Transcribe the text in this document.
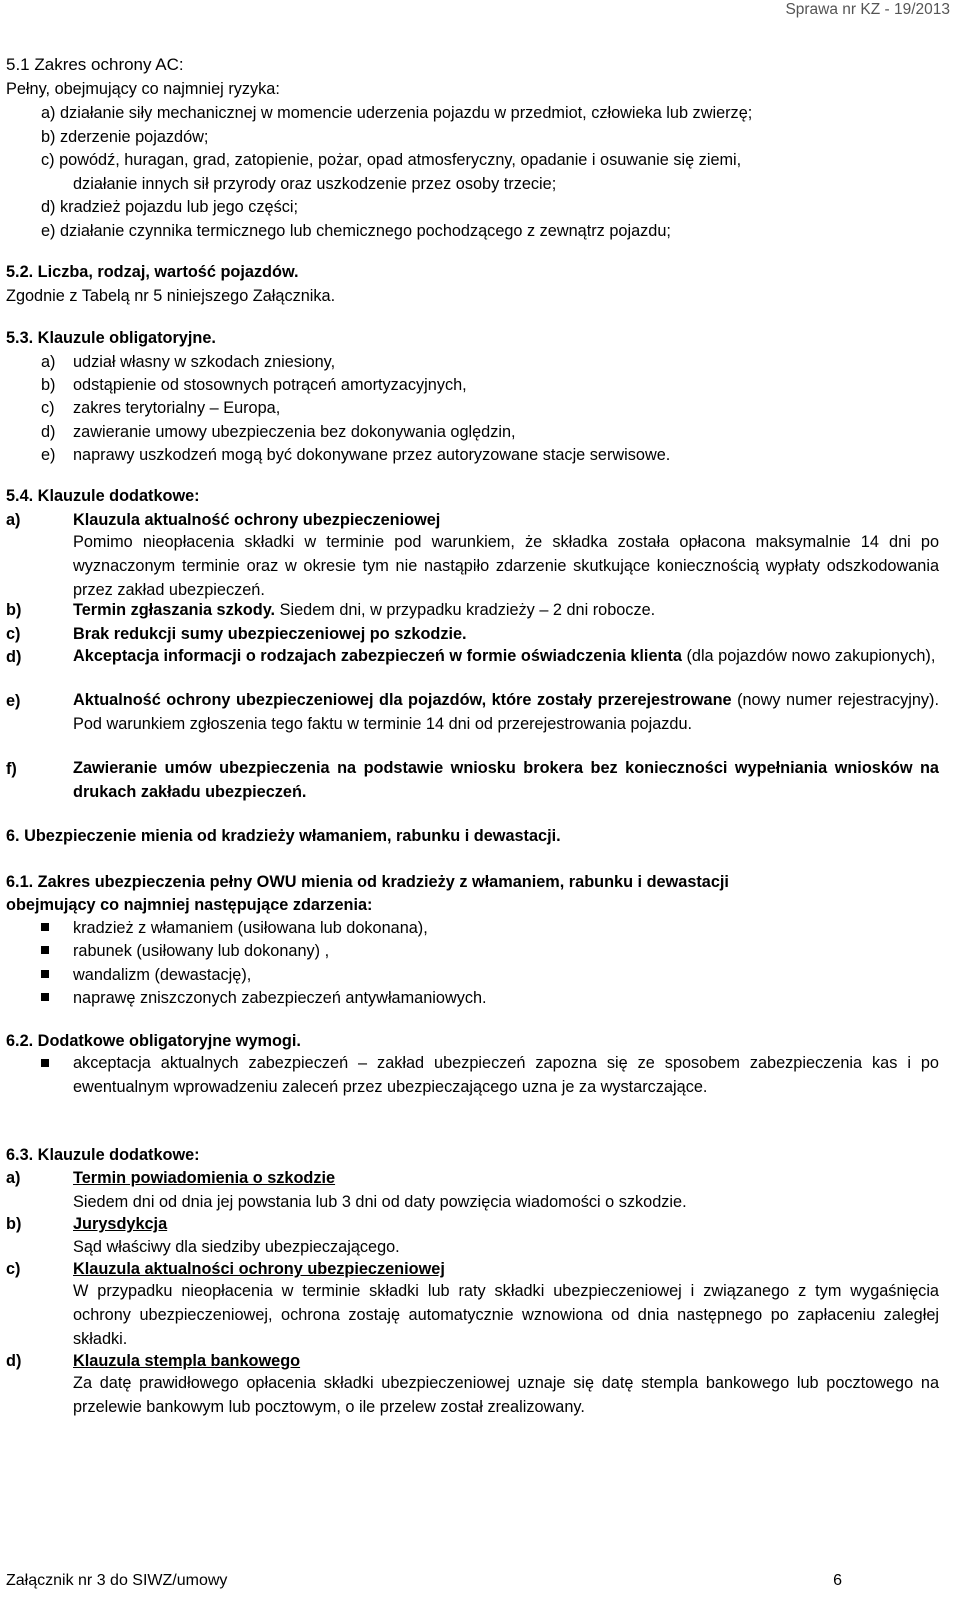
Sprawa nr KZ - 19/2013
5.1 Zakres ochrony AC:
Pełny, obejmujący co najmniej ryzyka:
a) działanie siły mechanicznej w momencie uderzenia pojazdu w przedmiot, człowieka lub zwierzę;
b) zderzenie pojazdów;
c) powódź, huragan, grad, zatopienie, pożar, opad atmosferyczny, opadanie i osuwanie się ziemi,
działanie innych sił przyrody oraz uszkodzenie przez osoby trzecie;
d) kradzież pojazdu lub jego części;
e) działanie czynnika termicznego lub chemicznego pochodzącego z zewnątrz pojazdu;
5.2. Liczba, rodzaj, wartość pojazdów.
Zgodnie z Tabelą nr 5 niniejszego Załącznika.
5.3. Klauzule obligatoryjne.
a) udział własny w szkodach zniesiony,
b) odstąpienie od stosownych potrąceń amortyzacyjnych,
c) zakres terytorialny – Europa,
d) zawieranie umowy ubezpieczenia bez dokonywania oględzin,
e) naprawy uszkodzeń mogą być dokonywane przez autoryzowane stacje serwisowe.
5.4. Klauzule dodatkowe:
a)	Klauzula aktualność ochrony ubezpieczeniowej
Pomimo nieopłacenia składki w terminie pod warunkiem, że składka została opłacona maksymalnie 14 dni po wyznaczonym terminie oraz w okresie tym nie nastąpiło zdarzenie skutkujące koniecznością wypłaty odszkodowania przez zakład ubezpieczeń.
b)	Termin zgłaszania szkody. Siedem dni, w przypadku kradzieży – 2 dni robocze.
c)	Brak redukcji sumy ubezpieczeniowej po szkodzie.
d)	Akceptacja informacji o rodzajach zabezpieczeń w formie oświadczenia klienta (dla pojazdów nowo zakupionych),
e)	Aktualność ochrony ubezpieczeniowej dla pojazdów, które zostały przerejestrowane (nowy numer rejestracyjny). Pod warunkiem zgłoszenia tego faktu w terminie 14 dni od przerejestrowania pojazdu.
f)	Zawieranie umów ubezpieczenia na podstawie wniosku brokera bez konieczności wypełniania wniosków na drukach zakładu ubezpieczeń.
6. Ubezpieczenie mienia od kradzieży włamaniem, rabunku i dewastacji.
6.1. Zakres ubezpieczenia pełny OWU mienia od kradzieży z włamaniem, rabunku i dewastacji
obejmujący co najmniej następujące zdarzenia:
kradzież z włamaniem (usiłowana lub dokonana),
rabunek (usiłowany lub dokonany) ,
wandalizm (dewastację),
naprawę zniszczonych zabezpieczeń antywłamaniowych.
6.2. Dodatkowe obligatoryjne wymogi.
akceptacja aktualnych zabezpieczeń – zakład ubezpieczeń zapozna się ze sposobem zabezpieczenia kas i po ewentualnym wprowadzeniu zaleceń przez ubezpieczającego uzna je za wystarczające.
6.3. Klauzule dodatkowe:
a)	Termin powiadomienia o szkodzie
Siedem dni od dnia jej powstania lub 3 dni od daty powzięcia wiadomości o szkodzie.
b)	Jurysdykcja
Sąd właściwy dla siedziby ubezpieczającego.
c)	Klauzula aktualności ochrony ubezpieczeniowej
W przypadku nieopłacenia w terminie składki lub raty składki ubezpieczeniowej i związanego z tym wygaśnięcia ochrony ubezpieczeniowej, ochrona zostaję automatycznie wznowiona od dnia następnego po zapłaceniu zaległej składki.
d)	Klauzula stempla bankowego
Za datę prawidłowego opłacenia składki ubezpieczeniowej uznaje się datę stempla bankowego lub pocztowego na przelewie bankowym lub pocztowym, o ile przelew został zrealizowany.
Załącznik nr 3 do SIWZ/umowy	6
